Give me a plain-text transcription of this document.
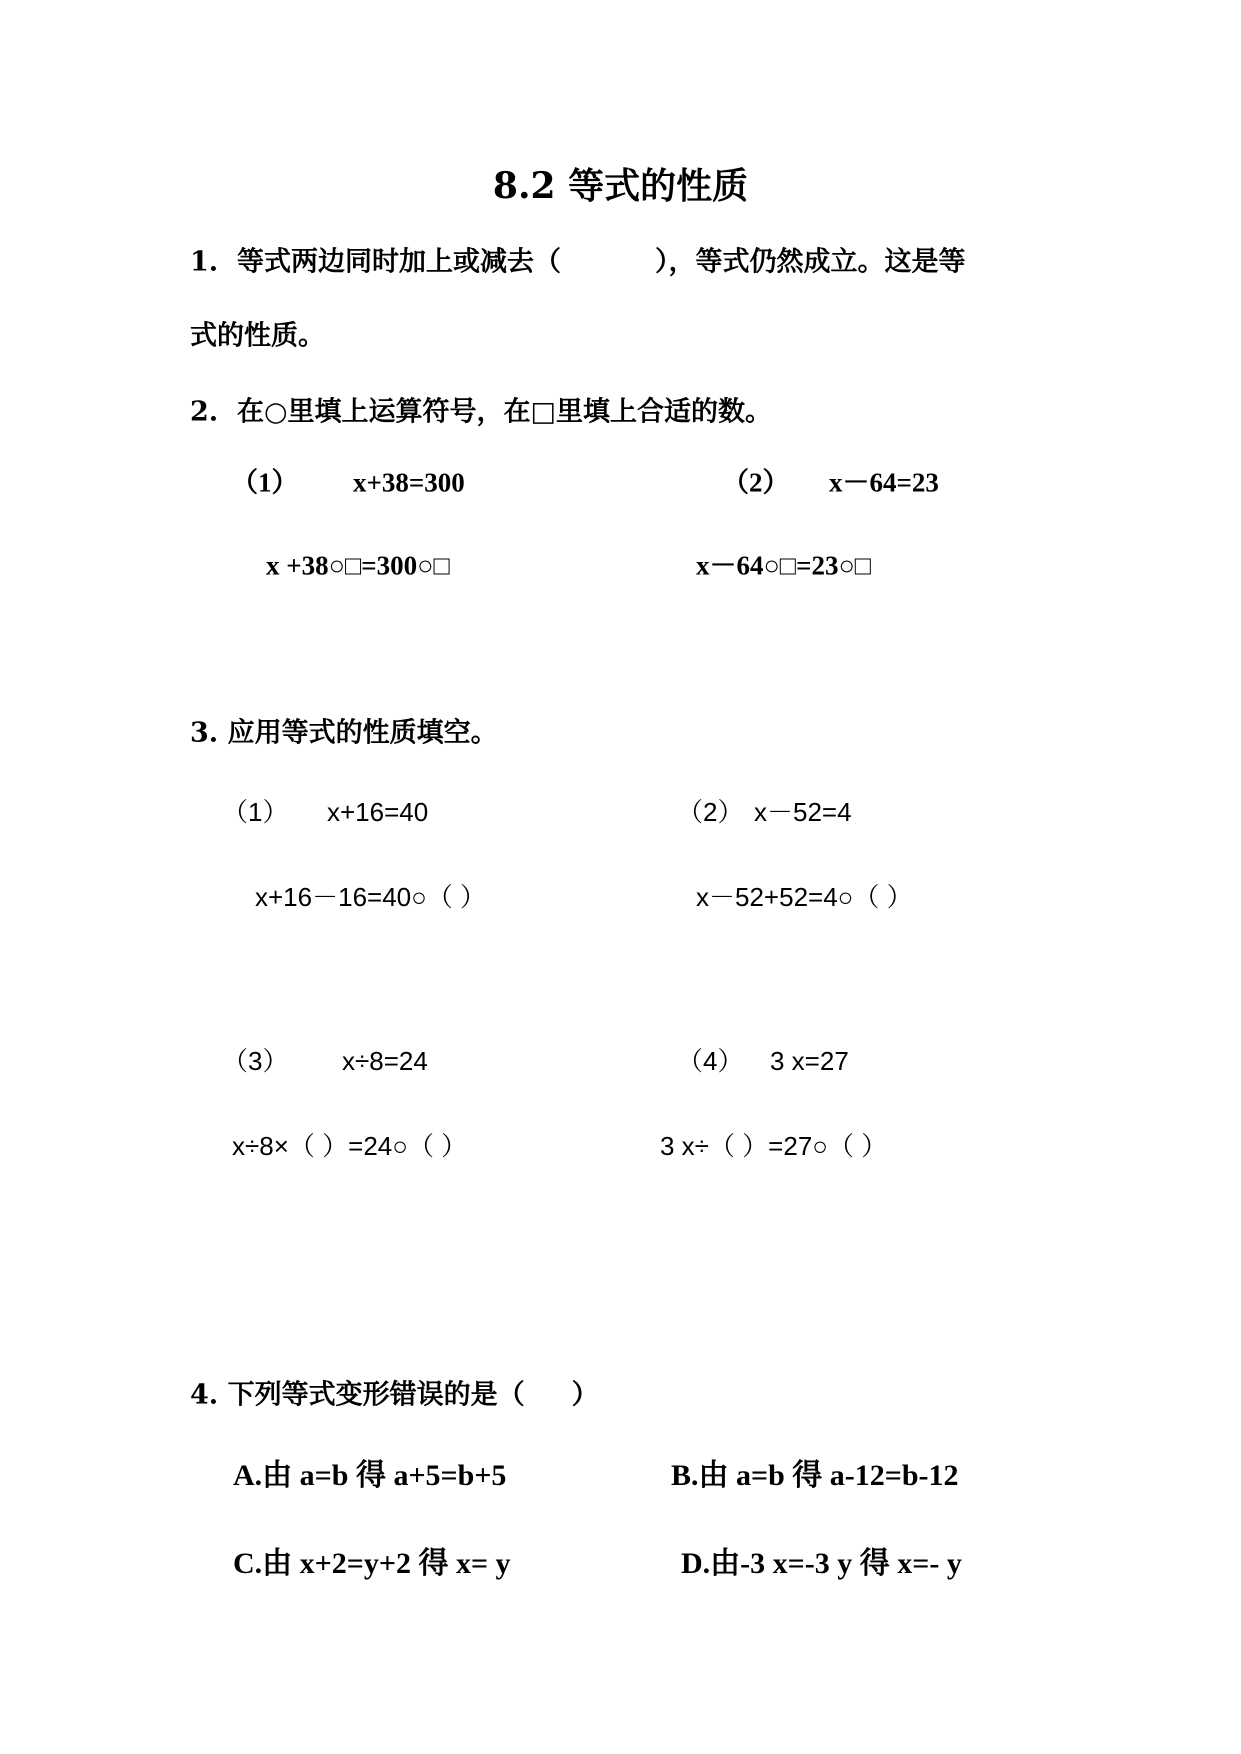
8.2 等式的性质
1.  等式两边同时加上或减去（          ），等式仍然成立。这是等
式的性质。
2.  在○里填上运算符号，在□里填上合适的数。
（1） x+38=300	（2） x－64=23
x +38○□=300○□	x－64○□=23○□
3. 应用等式的性质填空。
（1） x+16=40	（2） x－52=4
x+16－16=40○（ ）	x－52+52=4○（ ）
（3） x÷8=24	（4） 3 x=27
x÷8×（ ）=24○（ ）	3 x÷（ ）=27○（ ）
4. 下列等式变形错误的是（     ）
A.由 a=b 得 a+5=b+5	B.由 a=b 得 a-12=b-12
C.由 x+2=y+2 得 x= y	D.由-3 x=-3 y 得 x=- y
